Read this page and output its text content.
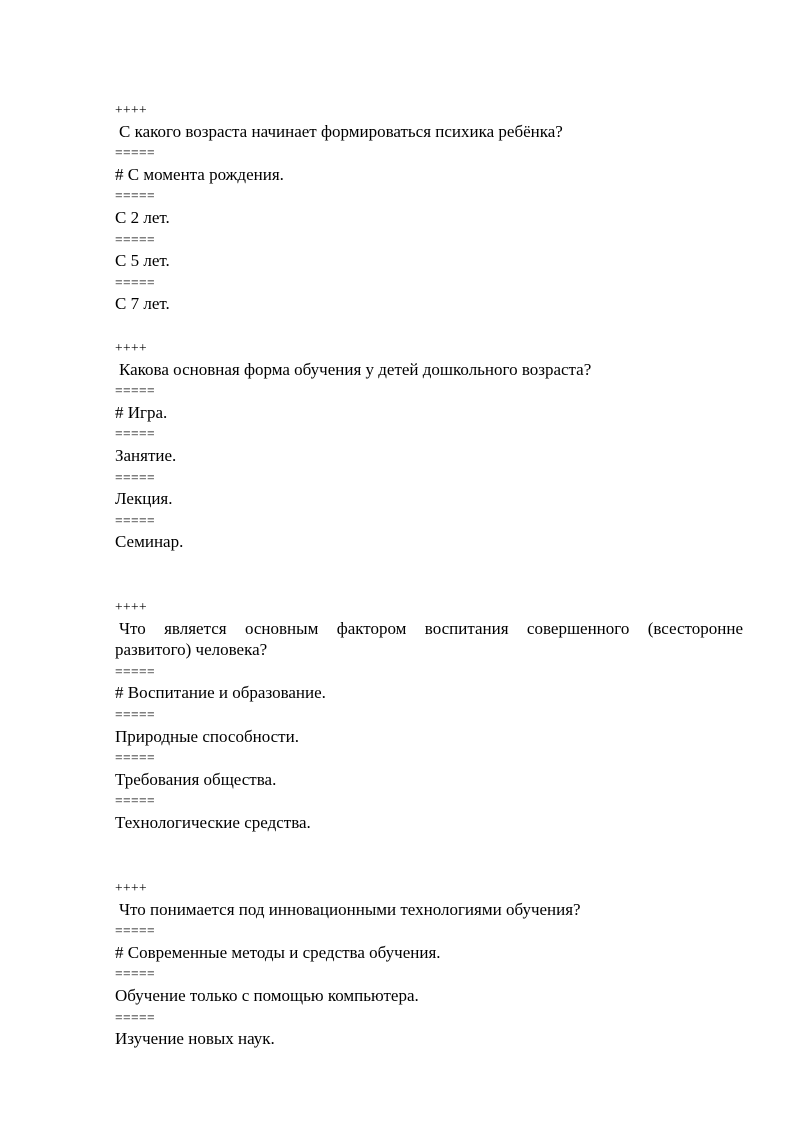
++++
С какого возраста начинает формироваться психика ребёнка?
=====
# С момента рождения.
=====
С 2 лет.
=====
С 5 лет.
=====
С 7 лет.
++++
Какова основная форма обучения у детей дошкольного возраста?
=====
# Игра.
=====
Занятие.
=====
Лекция.
=====
Семинар.
++++
Что является основным фактором воспитания совершенного (всесторонне
развитого) человека?
=====
# Воспитание и образование.
=====
Природные способности.
=====
Требования общества.
=====
Технологические средства.
++++
Что понимается под инновационными технологиями обучения?
=====
# Современные методы и средства обучения.
=====
Обучение только с помощью компьютера.
=====
Изучение новых наук.
